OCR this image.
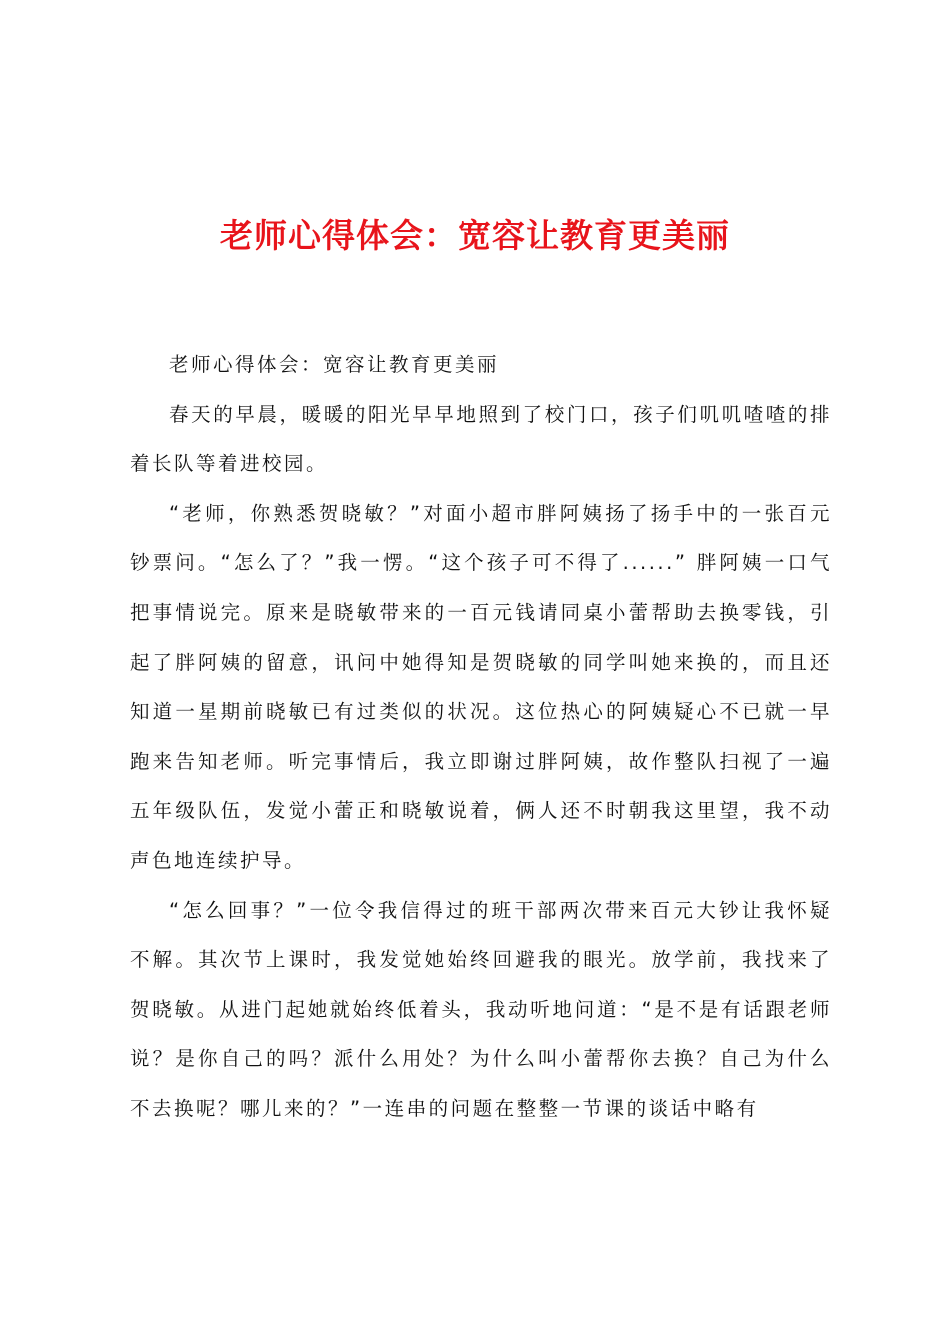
老师心得体会：宽容让教育更美丽

老师心得体会：宽容让教育更美丽

春天的早晨，暖暖的阳光早早地照到了校门口，孩子们叽叽喳喳的排着长队等着进校园。

“老师，你熟悉贺晓敏？”对面小超市胖阿姨扬了扬手中的一张百元钞票问。“怎么了？”我一愣。“这个孩子可不得了......” 胖阿姨一口气把事情说完。原来是晓敏带来的一百元钱请同桌小蕾帮助去换零钱，引起了胖阿姨的留意，讯问中她得知是贺晓敏的同学叫她来换的，而且还知道一星期前晓敏已有过类似的状况。这位热心的阿姨疑心不已就一早跑来告知老师。听完事情后，我立即谢过胖阿姨，故作整队扫视了一遍五年级队伍，发觉小蕾正和晓敏说着，俩人还不时朝我这里望，我不动声色地连续护导。

“怎么回事？”一位令我信得过的班干部两次带来百元大钞让我怀疑不解。其次节上课时，我发觉她始终回避我的眼光。放学前，我找来了贺晓敏。从进门起她就始终低着头，我动听地问道：“是不是有话跟老师说？是你自己的吗？派什么用处？为什么叫小蕾帮你去换？自己为什么不去换呢？哪儿来的？”一连串的问题在整整一节课的谈话中略有
